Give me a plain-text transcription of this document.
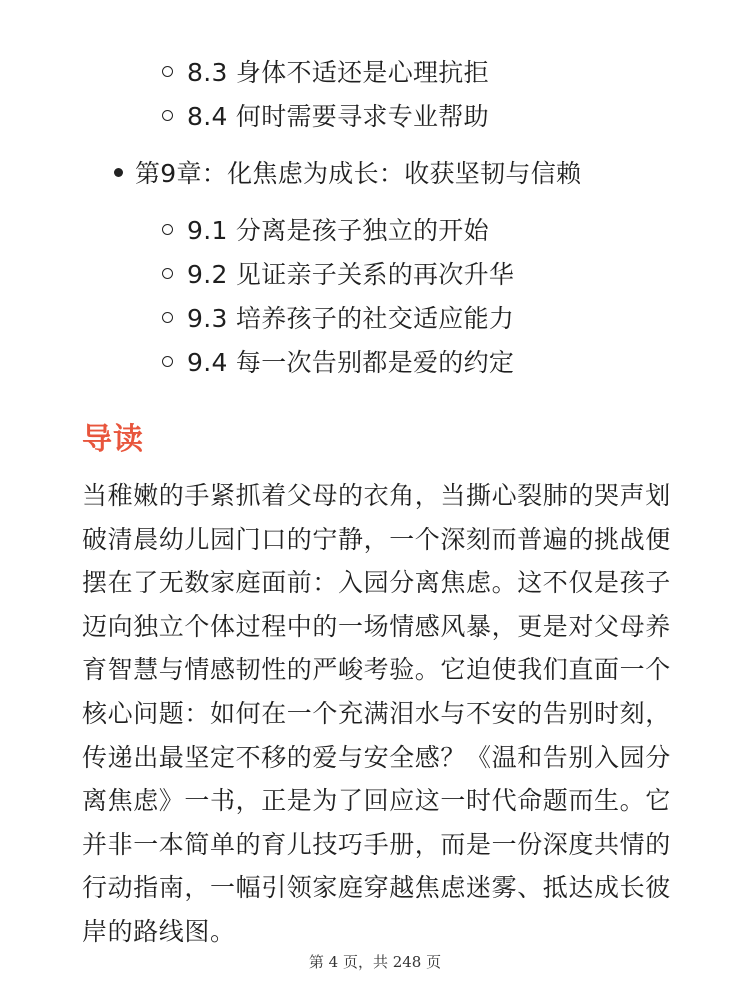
8.3 身体不适还是心理抗拒
8.4 何时需要寻求专业帮助
第9章：化焦虑为成长：收获坚韧与信赖
9.1 分离是孩子独立的开始
9.2 见证亲子关系的再次升华
9.3 培养孩子的社交适应能力
9.4 每一次告别都是爱的约定
导读

当稚嫩的手紧抓着父母的衣角，当撕心裂肺的哭声划破清晨幼儿园门口的宁静，一个深刻而普遍的挑战便摆在了无数家庭面前：入园分离焦虑。这不仅是孩子迈向独立个体过程中的一场情感风暴，更是对父母养育智慧与情感韧性的严峻考验。它迫使我们直面一个核心问题：如何在一个充满泪水与不安的告别时刻，传递出最坚定不移的爱与安全感？《温和告别入园分离焦虑》一书，正是为了回应这一时代命题而生。它并非一本简单的育儿技巧手册，而是一份深度共情的行动指南，一幅引领家庭穿越焦虑迷雾、抵达成长彼岸的路线图。

第 4 页，共 248 页
